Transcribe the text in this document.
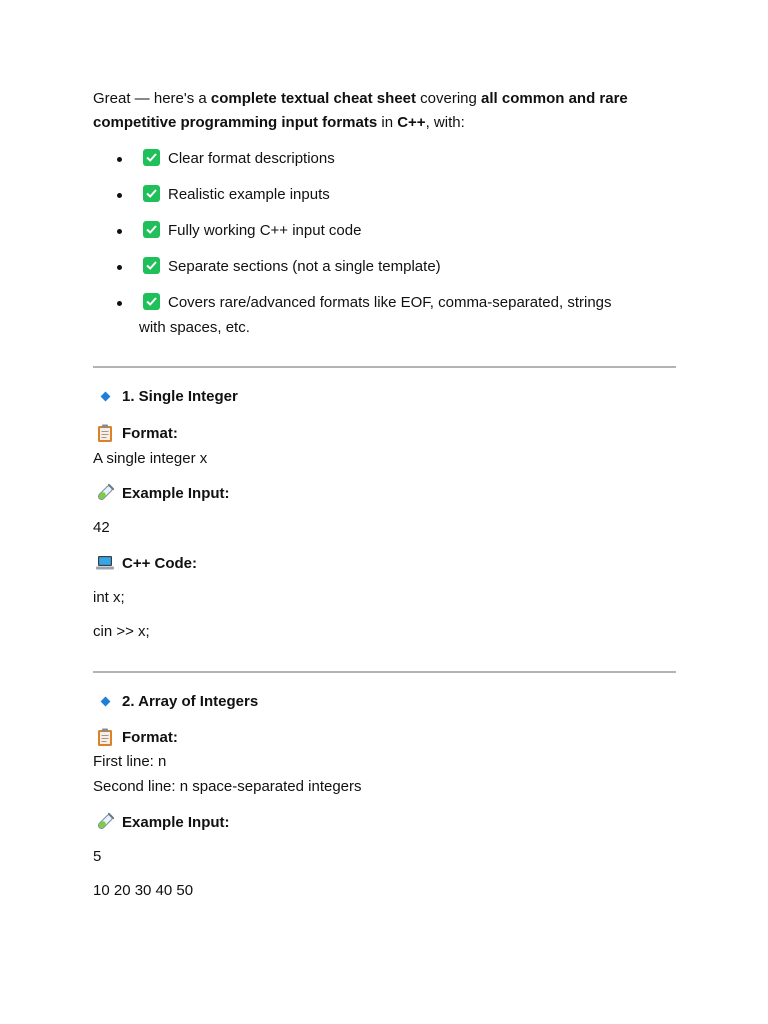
Great — here's a complete textual cheat sheet covering all common and rare
competitive programming input formats in C++, with:
Clear format descriptions
Realistic example inputs
Fully working C++ input code
Separate sections (not a single template)
Covers rare/advanced formats like EOF, comma-separated, strings
with spaces, etc.
1. Single Integer
Format:
A single integer x
Example Input:
42
C++ Code:
int x;
cin >> x;
2. Array of Integers
Format:
First line: n
Second line: n space-separated integers
Example Input:
5
10 20 30 40 50
